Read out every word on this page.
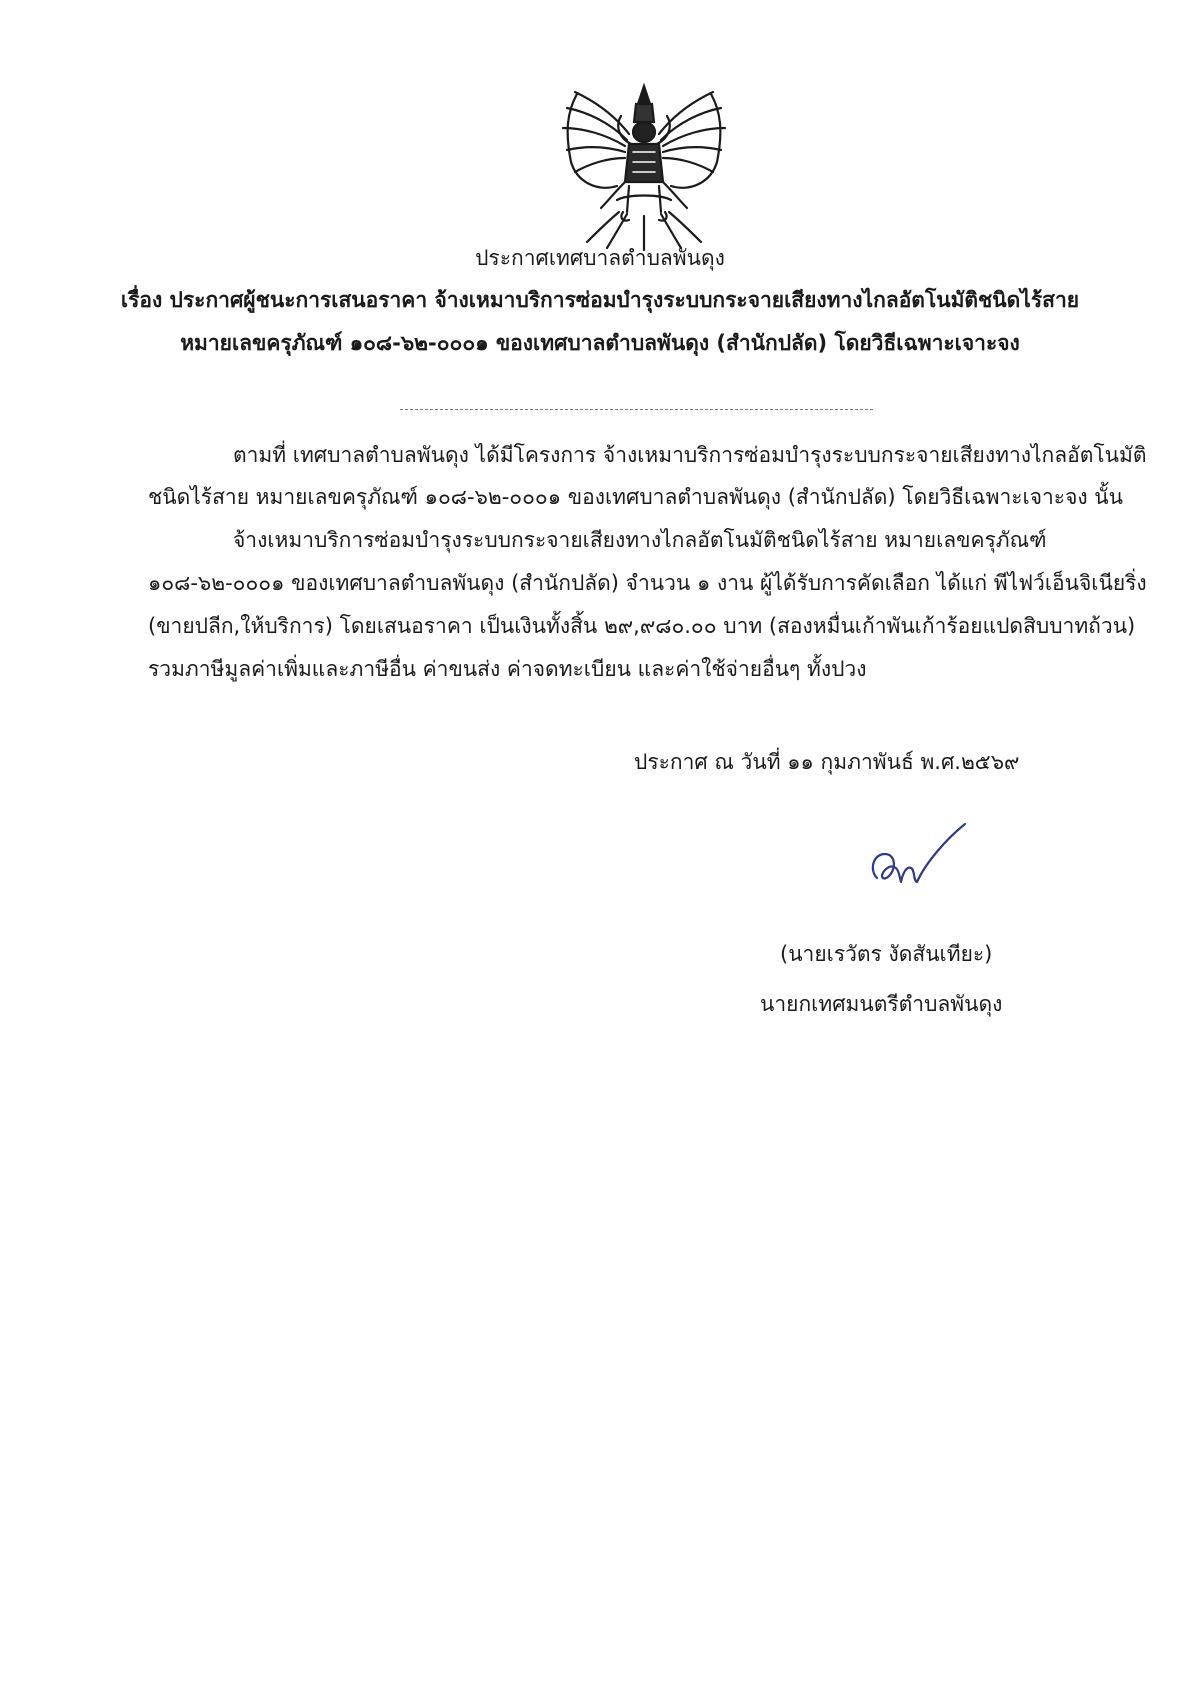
ประกาศเทศบาลตำบลพันดุง
เรื่อง ประกาศผู้ชนะการเสนอราคา จ้างเหมาบริการซ่อมบำรุงระบบกระจายเสียงทางไกลอัตโนมัติชนิดไร้สาย
หมายเลขครุภัณฑ์ ๑๐๘-๖๒-๐๐๐๑ ของเทศบาลตำบลพันดุง (สำนักปลัด) โดยวิธีเฉพาะเจาะจง
ตามที่ เทศบาลตำบลพันดุง ได้มีโครงการ จ้างเหมาบริการซ่อมบำรุงระบบกระจายเสียงทางไกลอัตโนมัติ
ชนิดไร้สาย หมายเลขครุภัณฑ์ ๑๐๘-๖๒-๐๐๐๑ ของเทศบาลตำบลพันดุง (สำนักปลัด) โดยวิธีเฉพาะเจาะจง นั้น
จ้างเหมาบริการซ่อมบำรุงระบบกระจายเสียงทางไกลอัตโนมัติชนิดไร้สาย หมายเลขครุภัณฑ์
๑๐๘-๖๒-๐๐๐๑ ของเทศบาลตำบลพันดุง (สำนักปลัด) จำนวน ๑ งาน ผู้ได้รับการคัดเลือก ได้แก่ พีไฟว์เอ็นจิเนียริ่ง
(ขายปลีก,ให้บริการ) โดยเสนอราคา เป็นเงินทั้งสิ้น ๒๙,๙๘๐.๐๐ บาท (สองหมื่นเก้าพันเก้าร้อยแปดสิบบาทถ้วน)
รวมภาษีมูลค่าเพิ่มและภาษีอื่น ค่าขนส่ง ค่าจดทะเบียน และค่าใช้จ่ายอื่นๆ ทั้งปวง
ประกาศ ณ วันที่ ๑๑ กุมภาพันธ์ พ.ศ.๒๕๖๙
(นายเรวัตร งัดสันเทียะ)
นายกเทศมนตรีตำบลพันดุง
